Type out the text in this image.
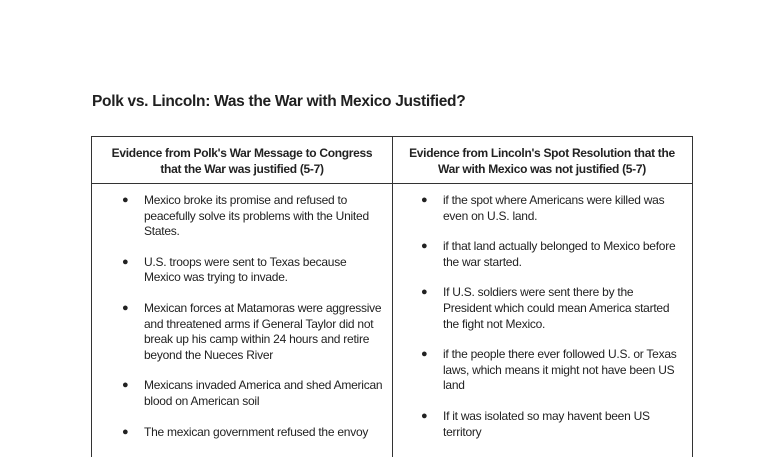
Polk vs. Lincoln: Was the War with Mexico Justified?
Evidence from Polk's War Message to Congress that the War was justified (5-7)
Evidence from Lincoln's Spot Resolution that the War with Mexico was not justified (5-7)
● Mexico broke its promise and refused to peacefully solve its problems with the United States.
● U.S. troops were sent to Texas because Mexico was trying to invade.
● Mexican forces at Matamoras were aggressive and threatened arms if General Taylor did not break up his camp within 24 hours and retire beyond the Nueces River
● Mexicans invaded America and shed American blood on American soil
● The mexican government refused the envoy
● if the spot where Americans were killed was even on U.S. land.
● if that land actually belonged to Mexico before the war started.
● If U.S. soldiers were sent there by the President which could mean America started the fight not Mexico.
● if the people there ever followed U.S. or Texas laws, which means it might not have been US land
● If it was isolated so may havent been US territory
